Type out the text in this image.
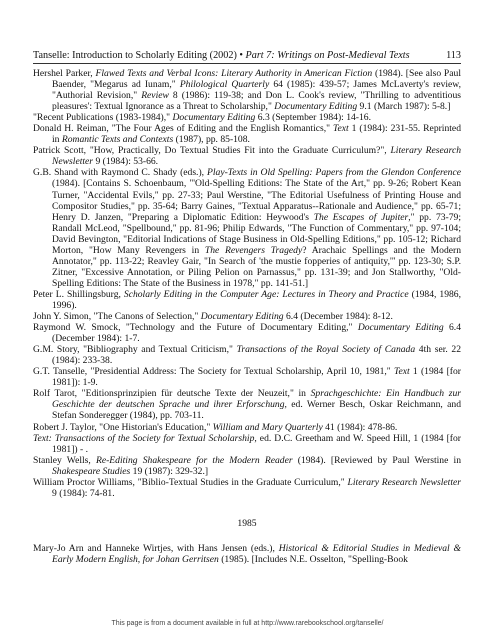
Tanselle: Introduction to Scholarly Editing (2002) • Part 7: Writings on Post-Medieval Texts	113

Hershel Parker, Flawed Texts and Verbal Icons: Literary Authority in American Fiction (1984). [See also Paul Baender, "Megarus ad Iunam," Philological Quarterly 64 (1985): 439-57; James McLaverty's review, "Authorial Revision," Review 8 (1986): 119-38; and Don L. Cook's review, "Thrilling to adventitious pleasures': Textual Ignorance as a Threat to Scholarship," Documentary Editing 9.1 (March 1987): 5-8.]

"Recent Publications (1983-1984)," Documentary Editing 6.3 (September 1984): 14-16.

Donald H. Reiman, "The Four Ages of Editing and the English Romantics," Text 1 (1984): 231-55. Reprinted in Romantic Texts and Contexts (1987), pp. 85-108.

Patrick Scott, "How, Practically, Do Textual Studies Fit into the Graduate Curriculum?", Literary Research Newsletter 9 (1984): 53-66.

G.B. Shand with Raymond C. Shady (eds.), Play-Texts in Old Spelling: Papers from the Glendon Conference (1984). [Contains S. Schoenbaum, "'Old-Spelling Editions: The State of the Art," pp. 9-26; Robert Kean Turner, "Accidental Evils," pp. 27-33; Paul Werstine, "The Editorial Usefulness of Printing House and Compositor Studies," pp. 35-64; Barry Gaines, "Textual Apparatus--Rationale and Audience," pp. 65-71; Henry D. Janzen, "Preparing a Diplomatic Edition: Heywood's The Escapes of Jupiter," pp. 73-79; Randall McLeod, "Spellbound," pp. 81-96; Philip Edwards, "The Function of Commentary," pp. 97-104; David Bevington, "Editorial Indications of Stage Business in Old-Spelling Editions," pp. 105-12; Richard Morton, "How Many Revengers in The Revengers Tragedy? Arachaic Spellings and the Modern Annotator," pp. 113-22; Reavley Gair, "In Search of 'the mustie fopperies of antiquity,'" pp. 123-30; S.P. Zitner, "Excessive Annotation, or Piling Pelion on Parnassus," pp. 131-39; and Jon Stallworthy, "Old-Spelling Editions: The State of the Business in 1978," pp. 141-51.]

Peter L. Shillingsburg, Scholarly Editing in the Computer Age: Lectures in Theory and Practice (1984, 1986, 1996).

John Y. Simon, "The Canons of Selection," Documentary Editing 6.4 (December 1984): 8-12.

Raymond W. Smock, "Technology and the Future of Documentary Editing," Documentary Editing 6.4 (December 1984): 1-7.

G.M. Story, "Bibliography and Textual Criticism," Transactions of the Royal Society of Canada 4th ser. 22 (1984): 233-38.

G.T. Tanselle, "Presidential Address: The Society for Textual Scholarship, April 10, 1981," Text 1 (1984 [for 1981]): 1-9.

Rolf Tarot, "Editionsprinzipien für deutsche Texte der Neuzeit," in Sprachgeschichte: Ein Handbuch zur Geschichte der deutschen Sprache und ihrer Erforschung, ed. Werner Besch, Oskar Reichmann, and Stefan Sonderegger (1984), pp. 703-11.

Robert J. Taylor, "One Historian's Education," William and Mary Quarterly 41 (1984): 478-86.

Text: Transactions of the Society for Textual Scholarship, ed. D.C. Greetham and W. Speed Hill, 1 (1984 [for 1981]) - .

Stanley Wells, Re-Editing Shakespeare for the Modern Reader (1984). [Reviewed by Paul Werstine in Shakespeare Studies 19 (1987): 329-32.]

William Proctor Williams, "Biblio-Textual Studies in the Graduate Curriculum," Literary Research Newsletter 9 (1984): 74-81.

1985

Mary-Jo Arn and Hanneke Wirtjes, with Hans Jensen (eds.), Historical & Editorial Studies in Medieval & Early Modern English, for Johan Gerritsen (1985). [Includes N.E. Osselton, "Spelling-Book

This page is from a document available in full at http://www.rarebookschool.org/tanselle/
